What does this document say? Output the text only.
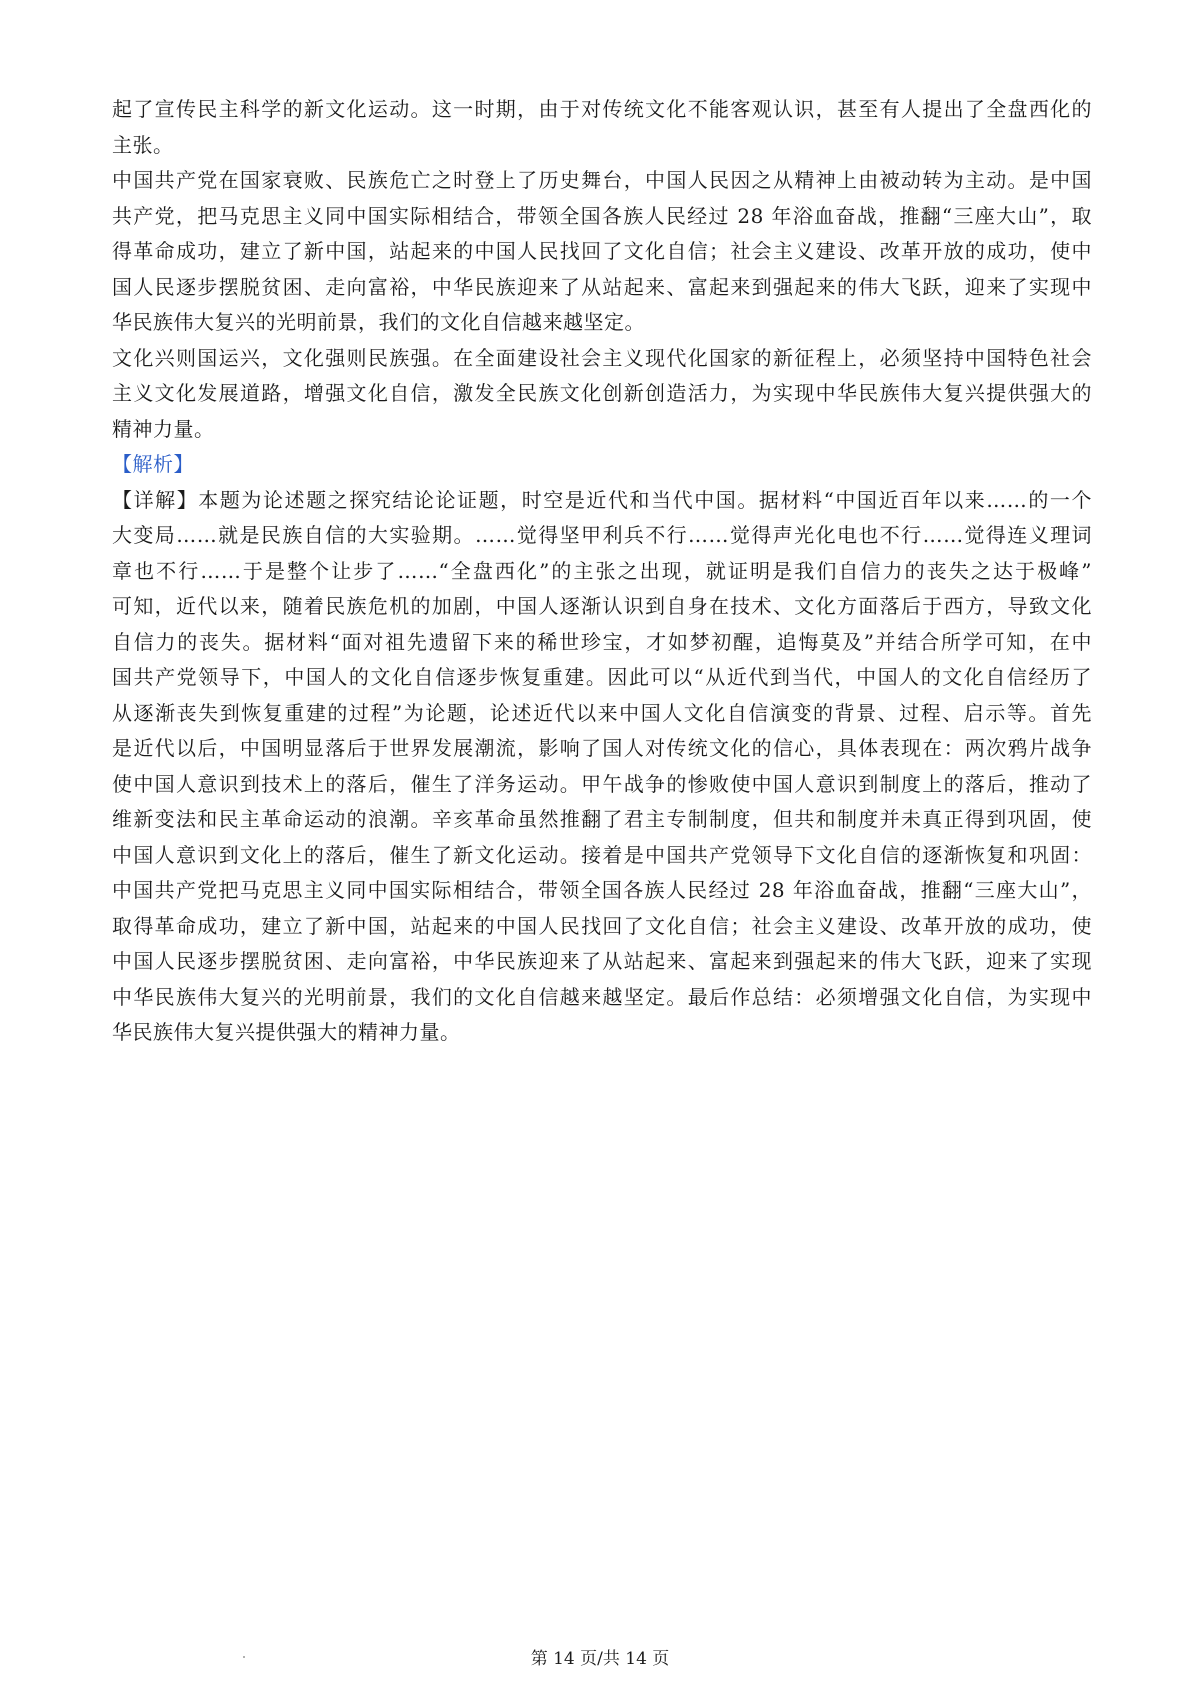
起了宣传民主科学的新文化运动。这一时期，由于对传统文化不能客观认识，甚至有人提出了全盘西化的
主张。
中国共产党在国家衰败、民族危亡之时登上了历史舞台，中国人民因之从精神上由被动转为主动。是中国
共产党，把马克思主义同中国实际相结合，带领全国各族人民经过 28 年浴血奋战，推翻“三座大山”，取
得革命成功，建立了新中国，站起来的中国人民找回了文化自信；社会主义建设、改革开放的成功，使中
国人民逐步摆脱贫困、走向富裕，中华民族迎来了从站起来、富起来到强起来的伟大飞跃，迎来了实现中
华民族伟大复兴的光明前景，我们的文化自信越来越坚定。
文化兴则国运兴，文化强则民族强。在全面建设社会主义现代化国家的新征程上，必须坚持中国特色社会
主义文化发展道路，增强文化自信，激发全民族文化创新创造活力，为实现中华民族伟大复兴提供强大的
精神力量。
【解析】
【详解】本题为论述题之探究结论论证题，时空是近代和当代中国。据材料“中国近百年以来……的一个
大变局……就是民族自信的大实验期。……觉得坚甲利兵不行……觉得声光化电也不行……觉得连义理词
章也不行……于是整个让步了……“全盘西化”的主张之出现，就证明是我们自信力的丧失之达于极峰”
可知，近代以来，随着民族危机的加剧，中国人逐渐认识到自身在技术、文化方面落后于西方，导致文化
自信力的丧失。据材料“面对祖先遗留下来的稀世珍宝，才如梦初醒，追悔莫及”并结合所学可知，在中
国共产党领导下，中国人的文化自信逐步恢复重建。因此可以“从近代到当代，中国人的文化自信经历了
从逐渐丧失到恢复重建的过程”为论题，论述近代以来中国人文化自信演变的背景、过程、启示等。首先
是近代以后，中国明显落后于世界发展潮流，影响了国人对传统文化的信心，具体表现在：两次鸦片战争
使中国人意识到技术上的落后，催生了洋务运动。甲午战争的惨败使中国人意识到制度上的落后，推动了
维新变法和民主革命运动的浪潮。辛亥革命虽然推翻了君主专制制度，但共和制度并未真正得到巩固，使
中国人意识到文化上的落后，催生了新文化运动。接着是中国共产党领导下文化自信的逐渐恢复和巩固：
中国共产党把马克思主义同中国实际相结合，带领全国各族人民经过 28 年浴血奋战，推翻“三座大山”，
取得革命成功，建立了新中国，站起来的中国人民找回了文化自信；社会主义建设、改革开放的成功，使
中国人民逐步摆脱贫困、走向富裕，中华民族迎来了从站起来、富起来到强起来的伟大飞跃，迎来了实现
中华民族伟大复兴的光明前景，我们的文化自信越来越坚定。最后作总结：必须增强文化自信，为实现中
华民族伟大复兴提供强大的精神力量。
第 14 页/共 14 页
